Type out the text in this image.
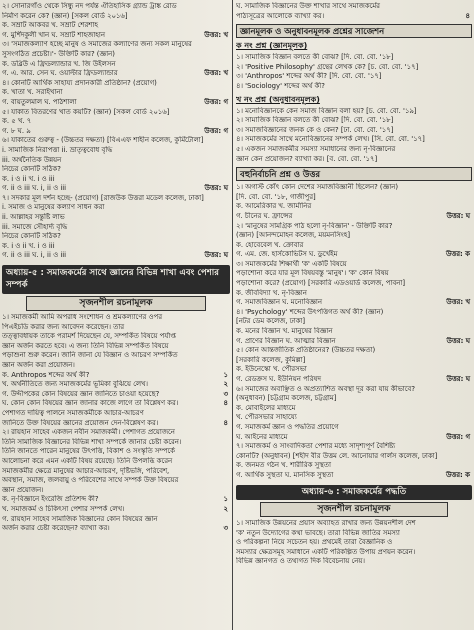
২। সোনারগাঁও থেকে সিন্ধু নদ পর্যন্ত ঐতিহাসিক গ্র্যান্ড ট্রাঙ্ক রোড
নির্মাণ করেন কে? (জ্ঞান) [সকল বোর্ড ২০১৬]
ক. সম্রাট আকবর খ. সম্রাট শেরশাহ
উত্তর: খ
গ. মুর্শিদকুলী খান ঘ. সম্রাট শাহজাহান
৩। 'সমাজকল্যাণ হচ্ছে মানুষ ও সমাজের কল্যাণের জন্য সকল মানুষের
সুসংগঠিত প্রচেষ্টা।'- উক্তিটি কার? (জ্ঞান)
ক. ডব্লিউ এ ফ্রিডল্যান্ডার খ. জি উইলসন
উত্তর: খ
গ. এ. আর. সেন ঘ. ওয়াল্টার ফ্রিডল্যান্ডার
৪। কোনটি আর্থিক সাহায্য প্রদানকারী প্রতিষ্ঠান? (প্রয়োগ)
ক. খাতা খ. সরাইখানা
উত্তর: গ
গ. বায়তুলমাল ঘ. পাঠশালা
৫। যাকাত বিতরণের খাত কয়টি? (জ্ঞান) [সকল বোর্ড ২০১৬]
ক. ৫ খ. ৭
উত্তর: গ
গ. ৮ ঘ. ৯
৬। যাকাতের গুরুত্ব - (উচ্চতর দক্ষতা) [বিএএফ শাহীন কলেজ, কুর্মিটোলা]
i. সামাজিক নিরাপত্তা ii. ভ্রাতৃত্ববোধ বৃদ্ধি
iii. অর্থনৈতিক উন্নয়ন
নিচের কোনটি সঠিক?
ক. i ও ii খ. i ও iii
উত্তর: ঘ
গ. ii ও iii ঘ. i, ii ও iii
৭। সদকার মূল দর্শন হচ্ছে- (প্রয়োগ) [রাজউক উত্তরা মডেল কলেজ, ঢাকা]
i. সমাজ ও মানুষের কল্যাণ সাধন করা
ii. আল্লাহর সন্তুষ্টি লাভ
iii. সমাজে সৌহার্দ্য বৃদ্ধি
নিচের কোনটি সঠিক?
ক. i ও ii খ. i ও iii
উত্তর: ঘ
গ. ii ও iii ঘ. i, ii ও iii
অধ্যায়-৫ : সমাজকর্মের সাথে জ্ঞানের বিভিন্ন শাখা এবং পেশার সম্পর্ক
সৃজনশীল রচনামূলক
১। সমাজকর্মী আমি অপরাধ সংশোধন ও শ্রমকল্যাণের ওপর
পিএইচডি করার জন্য আবেদন করেছেন। তার
তত্ত্বাবধায়ক তাকে পরামর্শ দিয়েছেন যে, সম্পর্কিত বিষয়ে পর্যাপ্ত
জ্ঞান অর্জন করতে হবে। এ জন্য তিনি বিভিন্ন সম্পর্কিত বিষয়ে
পড়াশুনা শুরু করেন। জানি জানা যে বিজ্ঞান ও আচরণ সম্পর্কিত
জ্ঞান অর্জন করা প্রয়োজন।
১
ক. Anthropos শব্দের অর্থ কী?
২
খ. অর্থনীতিতে জন্য সমাজকর্মের ভূমিকা বুঝিয়ে লেখ।
৩
গ. উদ্দীপকের কোন বিষয়ের জ্ঞান জানিতে চাওয়া হয়েছে?
৪
ঘ. কোন কোন বিষয়ের জ্ঞান জানার কাজে লাগে তা বিশ্লেষণ কর।
পেশাগত দায়িত্ব পালনে সমাজকর্মীকে আচার-আচরণ
৪
জানিতে উক্ত বিষয়ের জ্ঞানের প্রয়োজন দেন-বিশ্লেষণ কর।
২। রায়হান সাহেব একজন নবীন সমাজকর্মী। পেশাগত প্রয়োজনে
তিনি সামাজিক বিজ্ঞানের বিভিন্ন শাখা সম্পর্কে জানার চেষ্টা করেন।
তিনি জানতে পারেন মানুষের উৎপত্তি, বিকাশ ও সংস্কৃতি সম্পর্কে
আলোচনা করে এমন একটি বিষয় রয়েছে। তিনি উপলব্ধি করেন
সমাজকর্মীর ক্ষেত্রে মানুষের আচার-আচরণ, দৃষ্টিভঙ্গি, পরিবেশ,
অবস্থান, সমাজ, জলবায়ু ও পরিবেশের সাথে সম্পর্ক উক্ত বিষয়ের
জ্ঞান প্রয়োজন।
১
ক. নৃ-বিজ্ঞানে ইংরেজি প্রতিশব্দ কী?
২
খ. সমাজকর্ম ও চিকিৎসা পেশার সম্পর্ক লেখ।
গ. রায়হান সাহেব সামাজিক বিজ্ঞানের কোন বিষয়ের জ্ঞান
৩
অর্জন করার চেষ্টা করেছেন? ব্যাখ্যা কর।
ঘ. সামাজিক বিজ্ঞানের উক্ত শাখার সাথে সমাজকর্মের
৪
পাঠ্যসূত্রের আলোকে ব্যাখ্যা কর।
জ্ঞানমূলক ও অনুধাবনমূলক প্রশ্নের সাজেশন
ক নং প্রশ্ন (জ্ঞানমূলক)
১। সামাজিক বিজ্ঞান বলতে কী বোঝ? [দি. বো. বো. '১৮]
২। 'Positive Philosophy' গ্রন্থের লেখক কে? [চ. বো. বো. '১৭]
৩। 'Anthropos' শব্দের অর্থ কী? [দি. বো. বো. '১৭]
৪। 'Sociology' শব্দের অর্থ কী?
খ নং প্রশ্ন (অনুধাবনমূলক)
১। মনোবিজ্ঞানকে কেন সমাজ বিজ্ঞান বলা হয়? [চ. বো. বো. '১৯]
২। সামাজিক বিজ্ঞান বলতে কী বোঝ? [দি. বো. বো. '১৮]
৩। সমাজবিজ্ঞানের জনক কে ও কেন? [ঢা. বো. বো. '১৭]
৪। সমাজকর্মের সাথে মনোবিজ্ঞানের সম্পর্ক লেখ। [সি. বো. বো. '১৭]
৫। একজন সমাজকর্মীর সমস্যা সমাধানের জন্য নৃ-বিজ্ঞানের
জ্ঞান কেন প্রয়োজন? ব্যাখ্যা কর। [ব. বো. বো. '১৭]
বহুনির্বাচনি প্রশ্ন ও উত্তর
১। অগাস্ট কোঁৎ কোন দেশের সমাজবিজ্ঞানী ছিলেন? (জ্ঞান)
[দি. বো. বো. '১৮, গাজীপুর]
ক. আমেরিকার খ. জার্মানির
উত্তর: ঘ
গ. চীনের ঘ. ফ্রান্সের
২। 'মানুষের সামগ্রিক পাঠ হলো নৃ-বিজ্ঞান' - উক্তিটি কার?
(জ্ঞান) [আনন্দমোহন কলেজ, ময়মনসিংহ]
ক. হোবেবেল খ. ক্রোবার
উত্তর: ক
গ. এম. জে. হার্সকোভিটস ঘ. ডুর্খেইম
৩। সমাজকর্মের শিক্ষার্থী 'ক' একটি বিষয়ে
পড়াশোনা করে যার মূল বিষয়বস্তু 'মানুষ'। 'ক' কোন বিষয়
পড়াশোনা করে? (প্রয়োগ) [সরকারি এডওয়ার্ড কলেজ, পাবনা]
ক. জীববিদ্যা খ. নৃ-বিজ্ঞান
উত্তর: খ
গ. সমাজবিজ্ঞান ঘ. মনোবিজ্ঞান
৪। 'Psychology' শব্দের উৎপত্তিগত অর্থ কী? (জ্ঞান)
[নটর ডেম কলেজ, ঢাকা]
ক. মনের বিজ্ঞান খ. মানুষের বিজ্ঞান
উত্তর: ঘ
গ. প্রাণের বিজ্ঞান ঘ. আত্মার বিজ্ঞান
৫। কোন আন্তর্জাতিক প্রতিষ্ঠানের? (উচ্চতর দক্ষতা)
[সরকারি কলেজ, কুমিল্লা]
ক. ইউনেস্কো খ. পৌরসভা
উত্তর: ঘ
গ. রেডক্রস ঘ. ইউনিয়ন পরিষদ
৬। সমাজের অবাঞ্ছিত ও অপ্রত্যাশিত অবস্থা দূর করা যায় কীভাবে?
(অনুধাবন) [চট্টগ্রাম কলেজ, চট্টগ্রাম]
ক. মোবাইলের মাধ্যমে
খ. পৌরসভার সাহায্যে
গ. সমাজকর্ম জ্ঞান ও পদ্ধতির প্রয়োগে
উত্তর: গ
ঘ. আইনের মাধ্যমে
৭। সমাজকর্ম ও সাংবাদিকতা পেশার মধ্যে সাদৃশ্যপূর্ণ বৈশিষ্ট্য
কোনটি? (অনুধাবন) [শহীদ বীর উত্তম লে. আনোয়ার গার্লস কলেজ, ঢাকা]
ক. জনমত গঠন খ. শারীরিক সুস্থতা
উত্তর: ক
গ. আর্থিক সুস্থতা ঘ. মানসিক সুস্থতা
অধ্যায়-৬ : সমাজকর্মের পদ্ধতি
সৃজনশীল রচনামূলক
১। সামাজিক উন্নয়নের প্রয়াস অব্যাহত রাখার জন্য উন্নয়নশীল দেশ
'ক' নতুন উদ্যোগের কথা ভাবছে। তারা বিভিন্ন জাতির সমস্যা
ও পরিকল্পনা নিয়ে সচেতন হয়। প্রথমেই তারা বৈজ্ঞানিক ও
সমস্যার ক্ষেত্রসমূহ সমাধানে একটি পরিকল্পিত উপায় প্রণয়ন করেন।
বিভিন্ন জ্ঞানগত ও তথ্যগত দিক বিবেচনায় নেয়।
